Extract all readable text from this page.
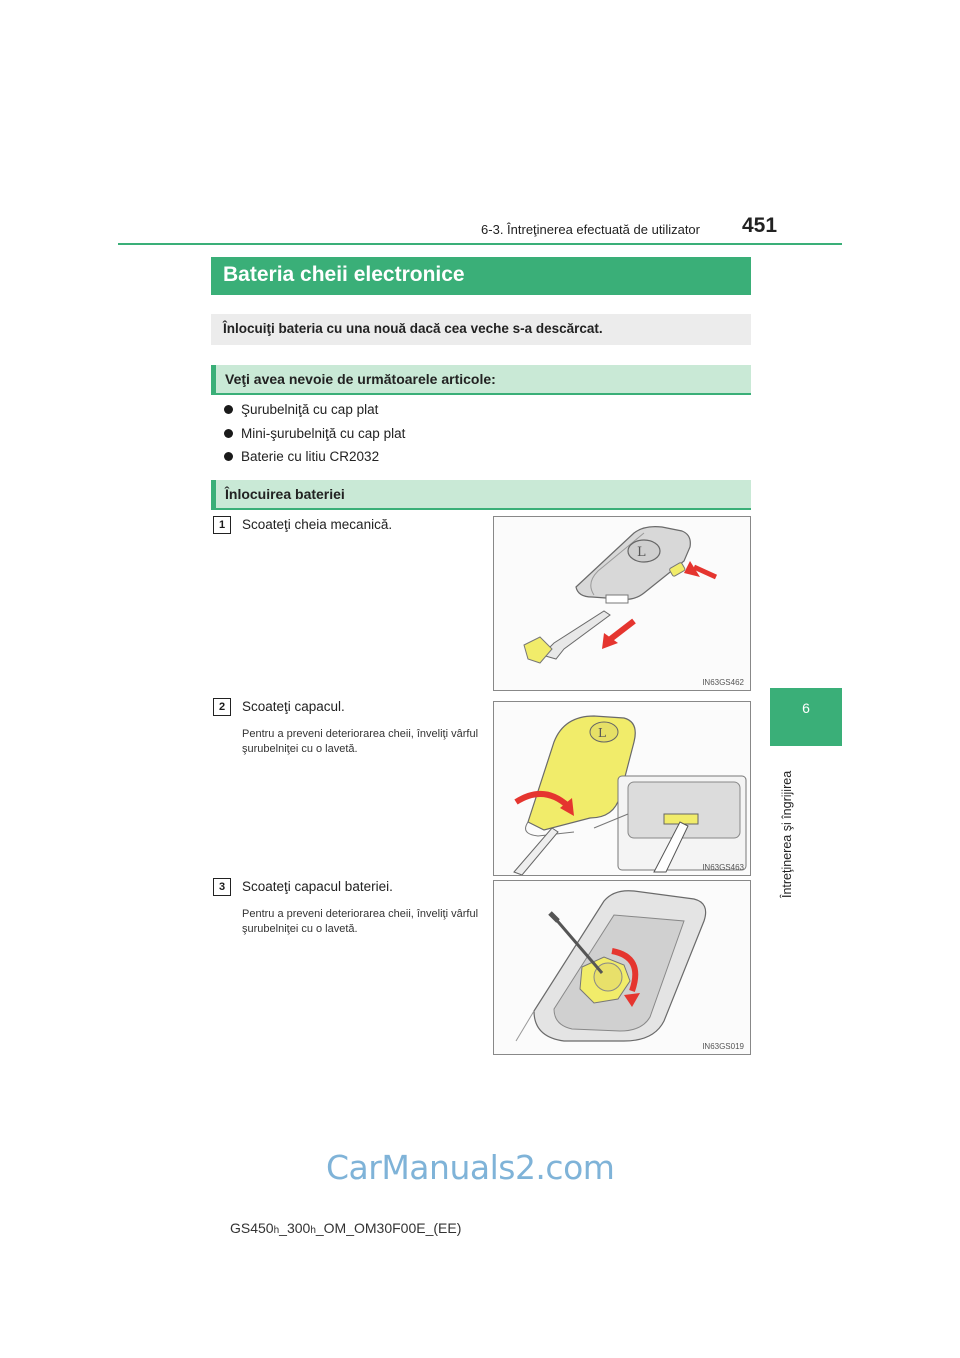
6-3. Întreţinerea efectuată de utilizator 451
6
Întreţinerea şi îngrijirea
Bateria cheii electronice
Înlocuiţi bateria cu una nouă dacă cea veche s-a descărcat.
Veţi avea nevoie de următoarele articole:
Şurubelniţă cu cap plat
Mini-şurubelniţă cu cap plat
Baterie cu litiu CR2032
Înlocuirea bateriei
1	Scoateţi cheia mecanică.
L
IN63GS462
2	Scoateţi capacul.
Pentru a preveni deteriorarea cheii, înveliţi vârful şurubelniţei cu o lavetă.
L
IN63GS463
3	Scoateţi capacul bateriei.
Pentru a preveni deteriorarea cheii, înveliţi vârful şurubelniţei cu o lavetă.
IN63GS019
CarManuals2.com
GS450h_300h_OM_OM30F00E_(EE)
